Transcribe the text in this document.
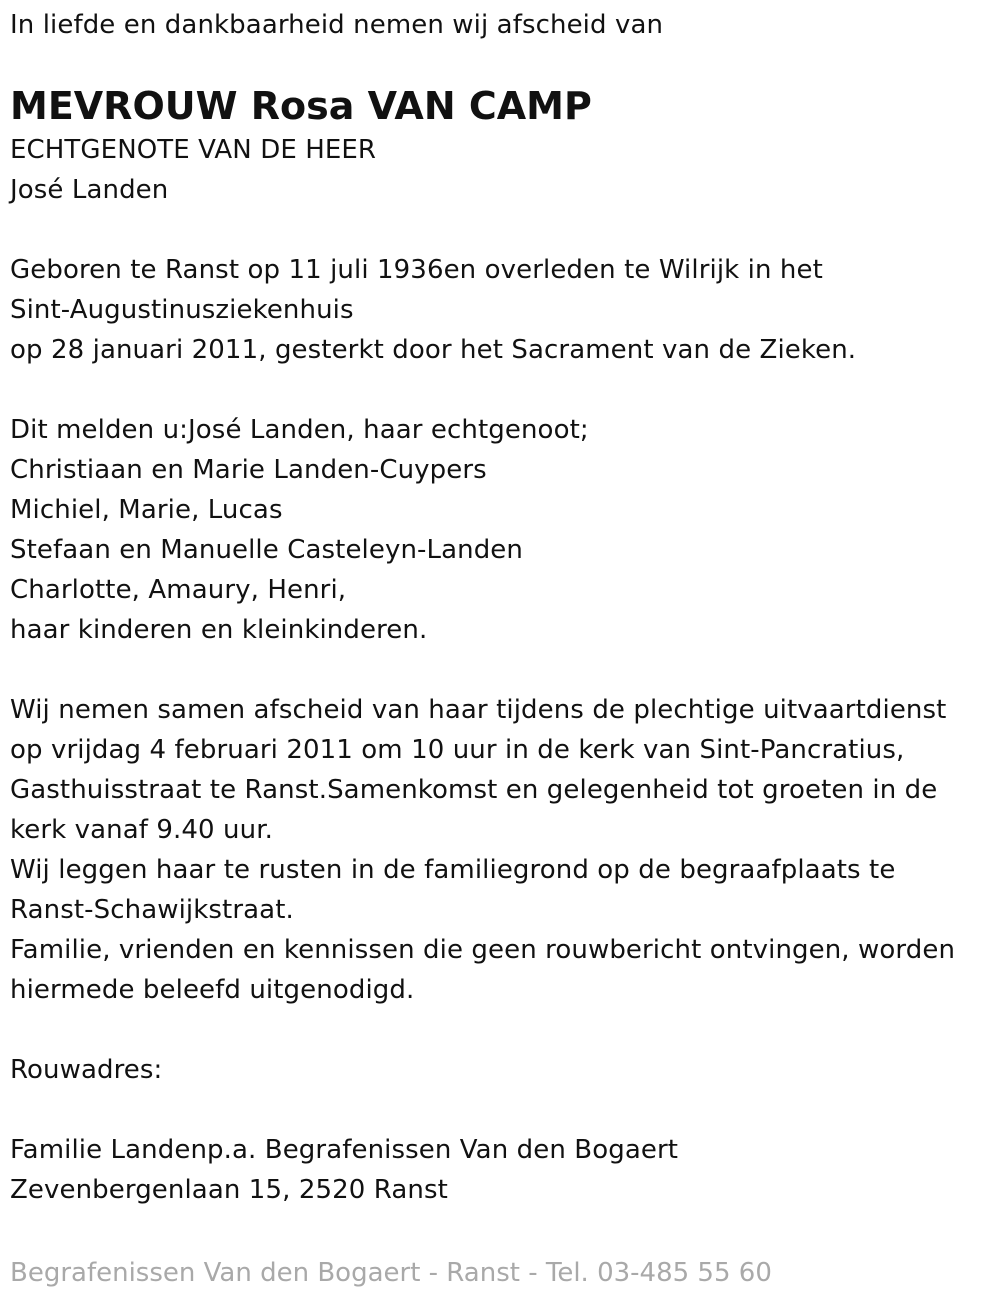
In liefde en dankbaarheid nemen wij afscheid van
MEVROUW Rosa VAN CAMP
ECHTGENOTE VAN DE HEER
José Landen
Geboren te Ranst op 11 juli 1936en overleden te Wilrijk in het
Sint-Augustinusziekenhuis
op 28 januari 2011, gesterkt door het Sacrament van de Zieken.
Dit melden u:José Landen, haar echtgenoot;
Christiaan en Marie Landen-Cuypers
Michiel, Marie, Lucas
Stefaan en Manuelle Casteleyn-Landen
Charlotte, Amaury, Henri,
haar kinderen en kleinkinderen.
Wij nemen samen afscheid van haar tijdens de plechtige uitvaartdienst
op vrijdag 4 februari 2011 om 10 uur in de kerk van Sint-Pancratius,
Gasthuisstraat te Ranst.Samenkomst en gelegenheid tot groeten in de
kerk vanaf 9.40 uur.
Wij leggen haar te rusten in de familiegrond op de begraafplaats te
Ranst-Schawijkstraat.
Familie, vrienden en kennissen die geen rouwbericht ontvingen, worden
hiermede beleefd uitgenodigd.
Rouwadres:
Familie Landenp.a. Begrafenissen Van den Bogaert
Zevenbergenlaan 15, 2520 Ranst
Begrafenissen Van den Bogaert - Ranst - Tel. 03-485 55 60
